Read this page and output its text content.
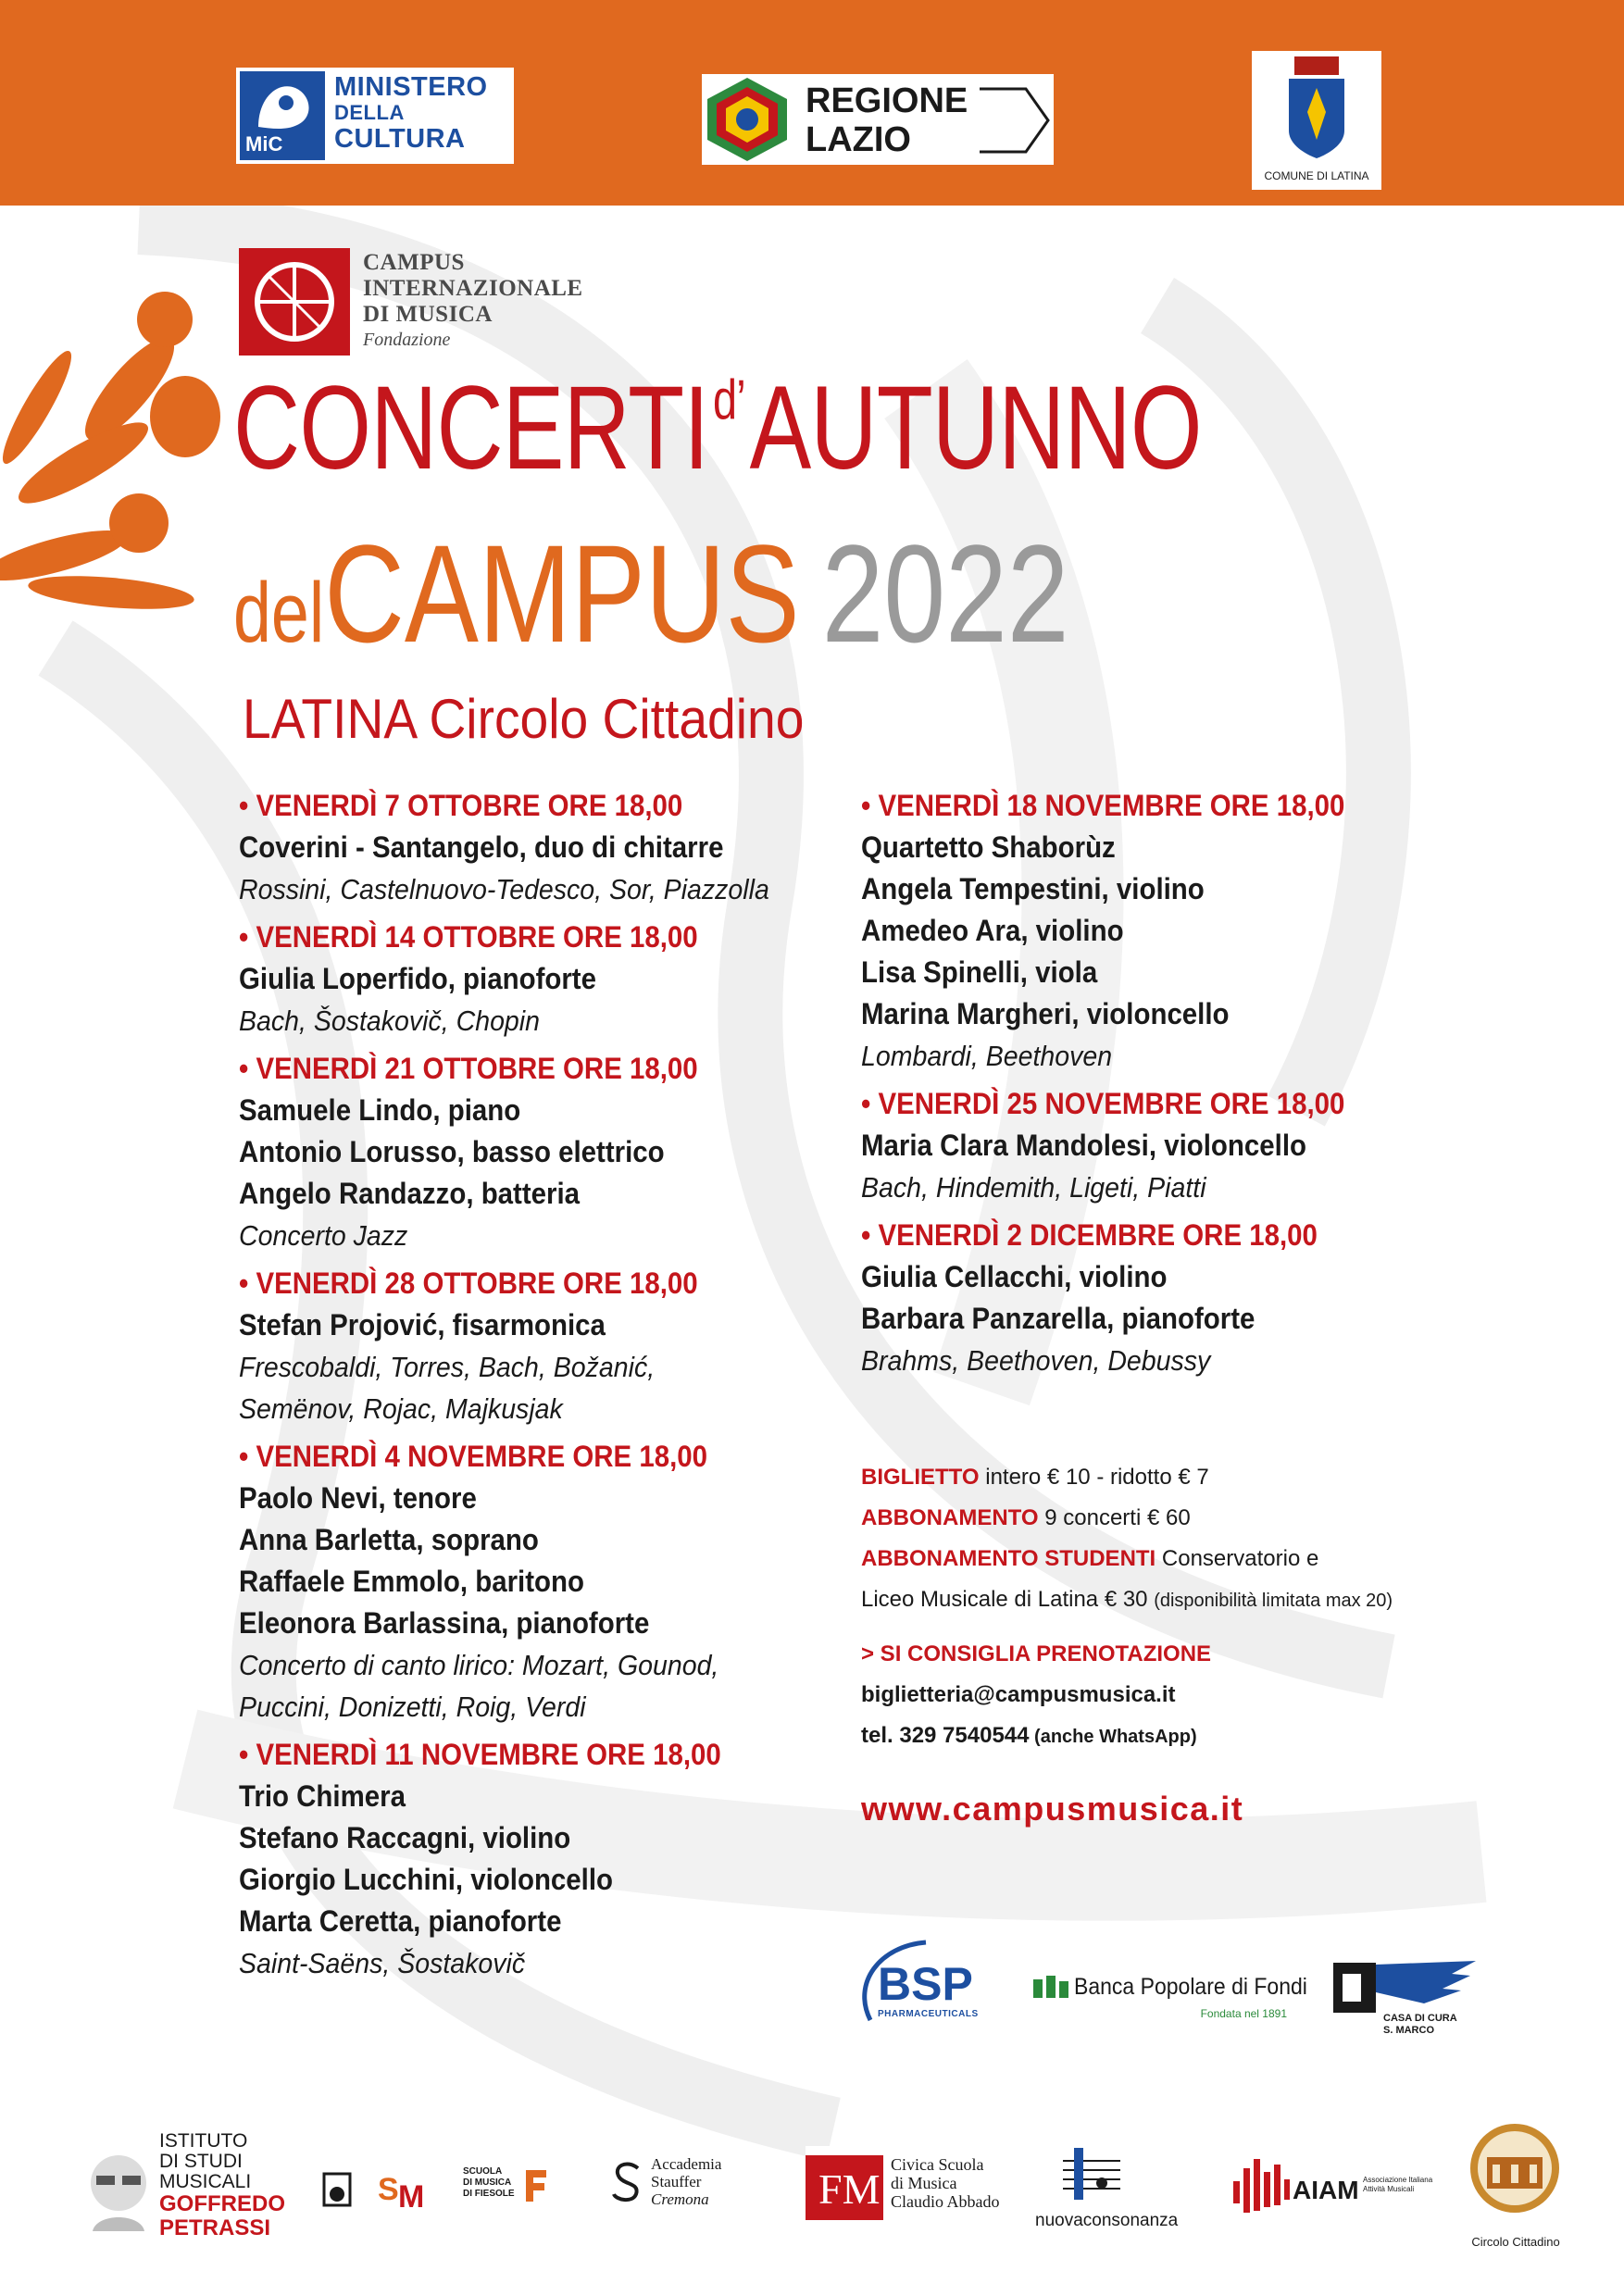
MiC
MINISTERO
DELLA
CULTURA
REGIONE
LAZIO
COMUNE DI LATINA
CAMPUS
INTERNAZIONALE
DI MUSICA
Fondazione
$CONCERTI^{d’}AUTUNNO$
delCAMPUS 2022
LATINA Circolo Cittadino
• VENERDÌ 7 OTTOBRE ORE 18,00
Coverini - Santangelo, duo di chitarre
Rossini, Castelnuovo-Tedesco, Sor, Piazzolla
• VENERDÌ 14 OTTOBRE ORE 18,00
Giulia Loperfido, pianoforte
Bach, Šostakovič, Chopin
• VENERDÌ 21 OTTOBRE ORE 18,00
Samuele Lindo, piano
Antonio Lorusso, basso elettrico
Angelo Randazzo, batteria
Concerto Jazz
• VENERDÌ 28 OTTOBRE ORE 18,00
Stefan Projović, fisarmonica
Frescobaldi, Torres, Bach, Božanić,
Semënov, Rojac, Majkusjak
• VENERDÌ 4 NOVEMBRE ORE 18,00
Paolo Nevi, tenore
Anna Barletta, soprano
Raffaele Emmolo, baritono
Eleonora Barlassina, pianoforte
Concerto di canto lirico: Mozart, Gounod,
Puccini, Donizetti, Roig, Verdi
• VENERDÌ 11 NOVEMBRE ORE 18,00
Trio Chimera
Stefano Raccagni, violino
Giorgio Lucchini, violoncello
Marta Ceretta, pianoforte
Saint-Saëns, Šostakovič
• VENERDÌ 18 NOVEMBRE ORE 18,00
Quartetto Shaborùz
Angela Tempestini, violino
Amedeo Ara, violino
Lisa Spinelli, viola
Marina Margheri, violoncello
Lombardi, Beethoven
• VENERDÌ 25 NOVEMBRE ORE 18,00
Maria Clara Mandolesi, violoncello
Bach, Hindemith, Ligeti, Piatti
• VENERDÌ 2 DICEMBRE ORE 18,00
Giulia Cellacchi, violino
Barbara Panzarella, pianoforte
Brahms, Beethoven, Debussy
BIGLIETTO intero € 10 - ridotto € 7
ABBONAMENTO 9 concerti € 60
ABBONAMENTO STUDENTI Conservatorio e
Liceo Musicale di Latina € 30 (disponibilità limitata max 20)
> SI CONSIGLIA PRENOTAZIONE
biglietteria@campusmusica.it
tel. 329 7540544 (anche WhatsApp)
www.campusmusica.it
BSP
PHARMACEUTICALS
Banca Popolare di Fondi
Fondata nel 1891	CASA DI CURA
S. MARCO
ISTITUTO
DI STUDI
MUSICALI
GOFFREDO
PETRASSI
S M
SCUOLA
DI MUSICA
DI FIESOLE
Accademia
Stauffer
Cremona	FM
Civica Scuola
di Musica
Claudio Abbado
nuovaconsonanza
AIAM Associazione Italiana
Attività Musicali
Circolo Cittadino
